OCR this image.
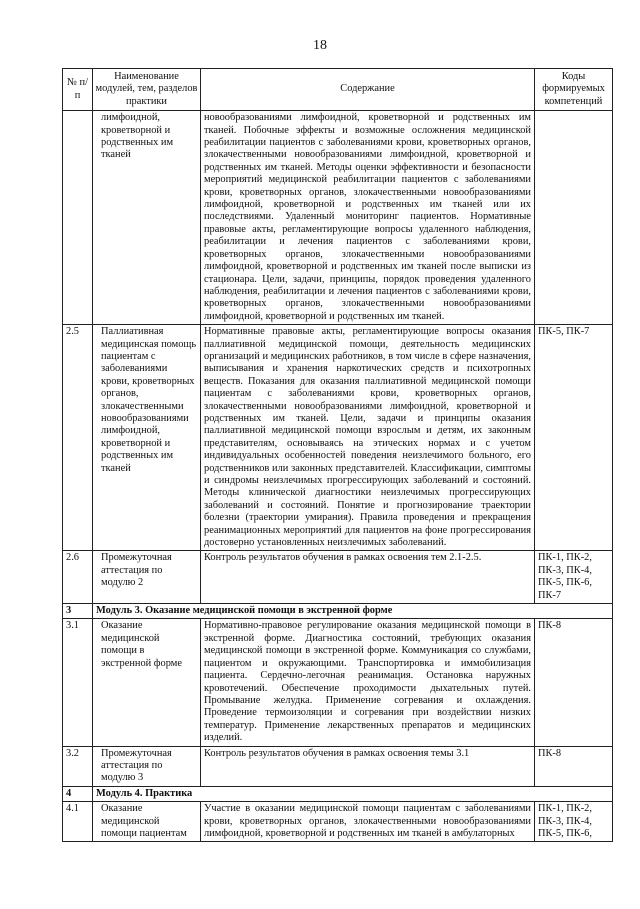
18
№ п/п	Наименование модулей, тем, разделов практики	Содержание	Коды формируемых компетенций
	лимфоидной, кроветворной и родственных им тканей	новообразованиями лимфоидной, кроветворной и родственных им тканей. Побочные эффекты и возможные осложнения медицинской реабилитации пациентов с заболеваниями крови, кроветворных органов, злокачественными новообразованиями лимфоидной, кроветворной и родственных им тканей. Методы оценки эффективности и безопасности мероприятий медицинской реабилитации пациентов с заболеваниями крови, кроветворных органов, злокачественными новообразованиями лимфоидной, кроветворной и родственных им тканей или их последствиями. Удаленный мониторинг пациентов. Нормативные правовые акты, регламентирующие вопросы удаленного наблюдения, реабилитации и лечения пациентов с заболеваниями крови, кроветворных органов, злокачественными новообразованиями лимфоидной, кроветворной и родственных им тканей после выписки из стационара. Цели, задачи, принципы, порядок проведения удаленного наблюдения, реабилитации и лечения пациентов с заболеваниями крови, кроветворных органов, злокачественными новообразованиями лимфоидной, кроветворной и родственных им тканей.	
2.5	Паллиативная медицинская помощь пациентам с заболеваниями крови, кроветворных органов, злокачественными новообразованиями лимфоидной, кроветворной и родственных им тканей	Нормативные правовые акты, регламентирующие вопросы оказания паллиативной медицинской помощи, деятельность медицинских организаций и медицинских работников, в том числе в сфере назначения, выписывания и хранения наркотических средств и психотропных веществ. Показания для оказания паллиативной медицинской помощи пациентам с заболеваниями крови, кроветворных органов, злокачественными новообразованиями лимфоидной, кроветворной и родственных им тканей. Цели, задачи и принципы оказания паллиативной медицинской помощи взрослым и детям, их законным представителям, основываясь на этических нормах и с учетом индивидуальных особенностей поведения неизлечимого больного, его родственников или законных представителей. Классификации, симптомы и синдромы неизлечимых прогрессирующих заболеваний и состояний. Методы клинической диагностики неизлечимых прогрессирующих заболеваний и состояний. Понятие и прогнозирование траектории болезни (траектории умирания). Правила проведения и прекращения реанимационных мероприятий для пациентов на фоне прогрессирования достоверно установленных неизлечимых заболеваний.	ПК-5, ПК-7
2.6	Промежуточная аттестация по модулю 2	Контроль результатов обучения в рамках освоения тем 2.1-2.5.	ПК-1, ПК-2, ПК-3, ПК-4, ПК-5, ПК-6, ПК-7
3	Модуль 3. Оказание медицинской помощи в экстренной форме		
3.1	Оказание медицинской помощи в экстренной форме	Нормативно-правовое регулирование оказания медицинской помощи в экстренной форме. Диагностика состояний, требующих оказания медицинской помощи в экстренной форме. Коммуникация со службами, пациентом и окружающими. Транспортировка и иммобилизация пациента. Сердечно-легочная реанимация. Остановка наружных кровотечений. Обеспечение проходимости дыхательных путей. Промывание желудка. Применение согревания и охлаждения. Проведение термоизоляции и согревания при воздействии низких температур. Применение лекарственных препаратов и медицинских изделий.	ПК-8
3.2	Промежуточная аттестация по модулю 3	Контроль результатов обучения в рамках освоения темы 3.1	ПК-8
4	Модуль 4. Практика		
4.1	Оказание медицинской помощи пациентам	Участие в оказании медицинской помощи пациентам с заболеваниями крови, кроветворных органов, злокачественными новообразованиями лимфоидной, кроветворной и родственных им тканей в амбулаторных	ПК-1, ПК-2, ПК-3, ПК-4, ПК-5, ПК-6,
